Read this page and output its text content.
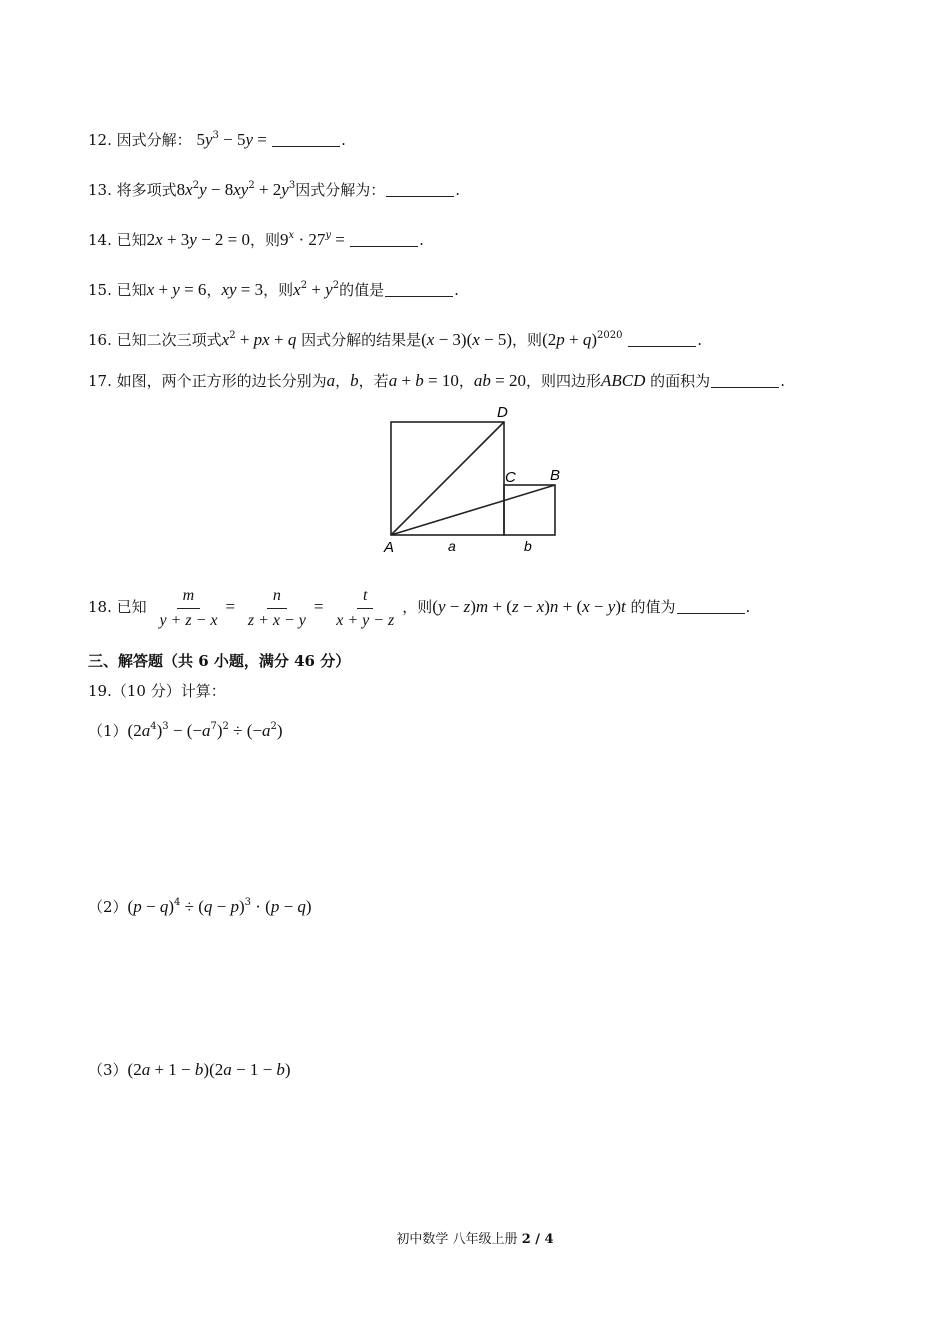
12. 因式分解： $5y^3 - 5y$ =	.
13. 将多项式$8x^2y - 8xy^2 + 2y^3$因式分解为：	.
14. 已知2x + 3y − 2 = 0，则$9^x \cdot 27^y$ =	.
15. 已知x + y = 6，xy = 3，则$x^2 + y^2$的值是	.
16. 已知二次三项式$x^2$ + px + q 因式分解的结果是(x − 3)(x − 5)，则$(2p + q)^{2020}$	.
17. 如图，两个正方形的边长分别为a，b，若a + b = 10，ab = 20，则四边形ABCD 的面积为	.
A
D
C B
a	b
18. 已知 $\frac{m}{y + z - x} = \frac{n}{z + x - y} = \frac{t}{x + y - z}$ ，则(y − z)m + (z − x)n + (x − y)t 的值为	.
三、解答题（共 6 小题，满分 46 分）
19.（10 分）计算：
$(1)(2a^4)^3 - (-a^7)^2 \div (-a^2)$
$(2)(p - q)^4 \div (q - p)^3 \cdot (p - q)$
（3）(2a + 1 − b)(2a − 1 − b)
初中数学 八年级上册 2 / 4
